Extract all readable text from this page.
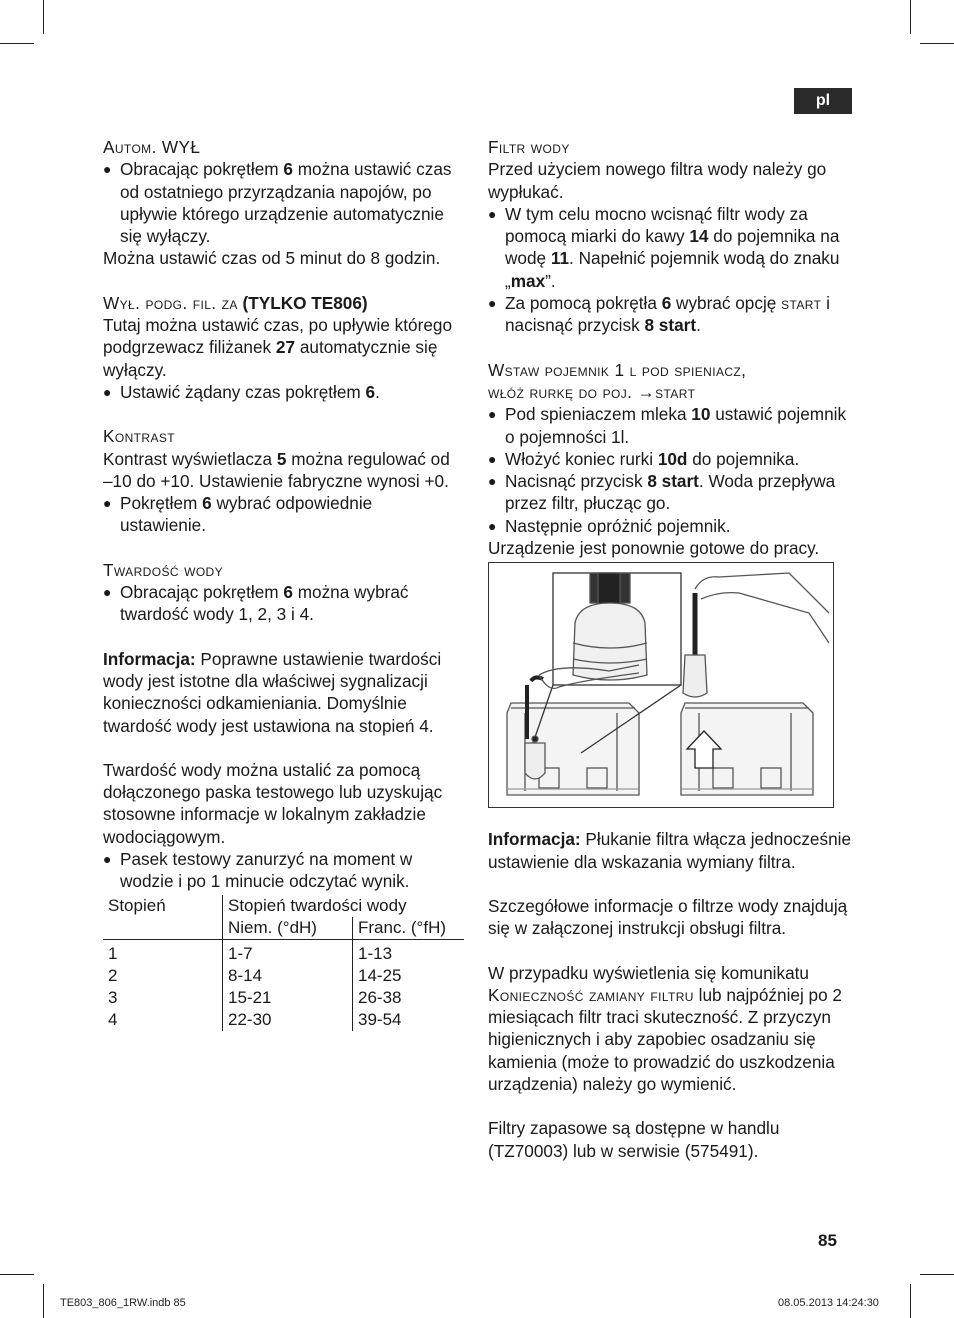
pl

Autom. WYŁ

● Obracając pokrętłem 6 można ustawić czas od ostatniego przyrządzania napojów, po upływie którego urządzenie automatycznie się wyłączy.

Można ustawić czas od 5 minut do 8 godzin.

Wył. podg. fil. za (TYLKO TE806)

Tutaj można ustawić czas, po upływie którego podgrzewacz filiżanek 27 automatycznie się wyłączy.

● Ustawić żądany czas pokrętłem 6.

Kontrast

Kontrast wyświetlacza 5 można regulować od –10 do +10. Ustawienie fabryczne wynosi +0.

● Pokrętłem 6 wybrać odpowiednie ustawienie.

Twardość wody

● Obracając pokrętłem 6 można wybrać twardość wody 1, 2, 3 i 4.

Informacja: Poprawne ustawienie twardości wody jest istotne dla właściwej sygnalizacji konieczności odkamieniania. Domyślnie twardość wody jest ustawiona na stopień 4.

Twardość wody można ustalić za pomocą dołączonego paska testowego lub uzyskując stosowne informacje w lokalnym zakładzie wodociągowym.

● Pasek testowy zanurzyć na moment w wodzie i po 1 minucie odczytać wynik.

Stopień	Stopień twardości wody	
	Niem. (°dH)	Franc. (°fH)
1	1-7	1-13
2	8-14	14-25
3	15-21	26-38
4	22-30	39-54

Filtr wody

Przed użyciem nowego filtra wody należy go wypłukać.

● W tym celu mocno wcisnąć filtr wody za pomocą miarki do kawy 14 do pojemnika na wodę 11. Napełnić pojemnik wodą do znaku „max”.

● Za pomocą pokrętła 6 wybrać opcję start i nacisnąć przycisk 8 start.

Wstaw pojemnik 1 l pod spieniacz,

włóż rurkę do poj. →start

● Pod spieniaczem mleka 10 ustawić pojemnik o pojemności 1l.

● Włożyć koniec rurki 10d do pojemnika.

● Nacisnąć przycisk 8 start. Woda przepływa przez filtr, płucząc go.

● Następnie opróżnić pojemnik.

Urządzenie jest ponownie gotowe do pracy.

Informacja: Płukanie filtra włącza jednocześnie ustawienie dla wskazania wymiany filtra.

Szczegółowe informacje o filtrze wody znajdują się w załączonej instrukcji obsługi filtra.

W przypadku wyświetlenia się komunikatu Konieczność zamiany filtru lub najpóźniej po 2 miesiącach filtr traci skuteczność. Z przyczyn higienicznych i aby zapobiec osadzaniu się kamienia (może to prowadzić do uszkodzenia urządzenia) należy go wymienić.

Filtry zapasowe są dostępne w handlu (TZ70003) lub w serwisie (575491).

85
TE803_806_1RW.indb 85	08.05.2013 14:24:30
